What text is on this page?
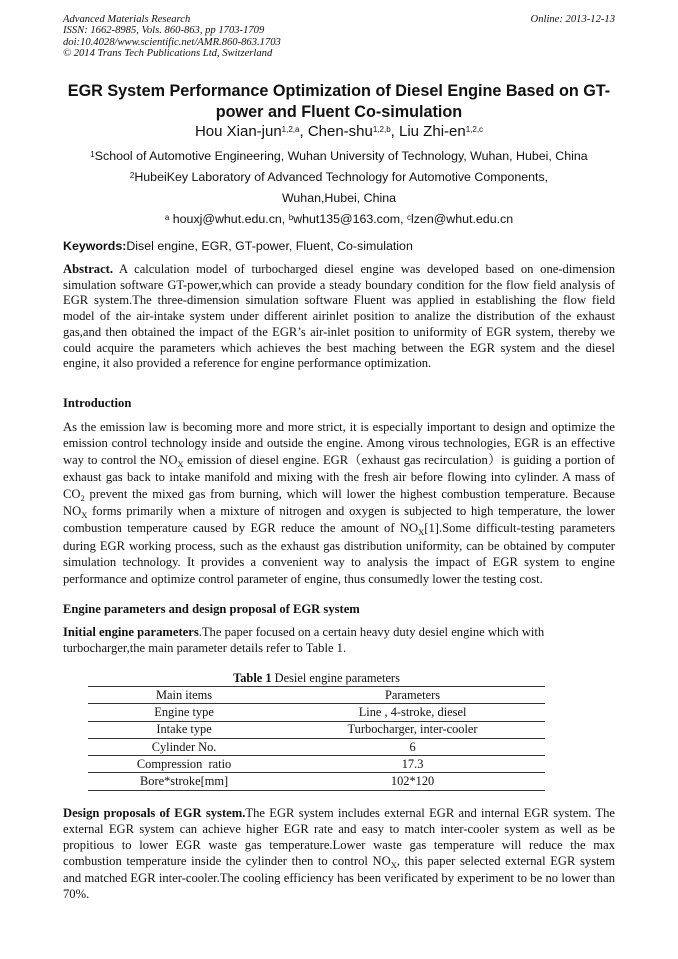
Advanced Materials Research
ISSN: 1662-8985, Vols. 860-863, pp 1703-1709
doi:10.4028/www.scientific.net/AMR.860-863.1703
© 2014 Trans Tech Publications Ltd, Switzerland
Online: 2013-12-13
EGR System Performance Optimization of Diesel Engine Based on GT-power and Fluent Co-simulation
Hou Xian-jun$^{1,2,a}$, Chen-shu$^{1,2,b}$, Liu Zhi-en$^{1,2,c}$
$^1$School of Automotive Engineering, Wuhan University of Technology, Wuhan, Hubei, China
$^2$HubeiKey Laboratory of Advanced Technology for Automotive Components,
Wuhan,Hubei, China
$^a$ houxj@whut.edu.cn, $^b$whut135@163.com, $^c$lzen@whut.edu.cn
Keywords:Disel engine, EGR, GT-power, Fluent, Co-simulation
Abstract. A calculation model of turbocharged diesel engine was developed based on one-dimension simulation software GT-power,which can provide a steady boundary condition for the flow field analysis of EGR system.The three-dimension simulation software Fluent was applied in establishing the flow field model of the air-intake system under different airinlet position to analize the distribution of the exhaust gas,and then obtained the impact of the EGR’s air-inlet position to uniformity of EGR system, thereby we could acquire the parameters which achieves the best maching between the EGR system and the diesel engine, it also provided a reference for engine performance optimization.
Introduction
As the emission law is becoming more and more strict, it is especially important to design and optimize the emission control technology inside and outside the engine. Among virous technologies, EGR is an effective way to control the $NO_X$ emission of diesel engine. EGR（exhaust gas recirculation）is guiding a portion of exhaust gas back to intake manifold and mixing with the fresh air before flowing into cylinder. A mass of $CO_2$ prevent the mixed gas from burning, which will lower the highest combustion temperature. Because $NO_X$ forms primarily when a mixture of nitrogen and oxygen is subjected to high temperature, the lower combustion temperature caused by EGR reduce the amount of $NO_X[1].Some$ difficult-testing parameters during EGR working process, such as the exhaust gas distribution uniformity, can be obtained by computer simulation technology. It provides a convenient way to analysis the impact of EGR system to engine performance and optimize control parameter of engine, thus consumedly lower the testing cost.
Engine parameters and design proposal of EGR system
Initial engine parameters.The paper focused on a certain heavy duty desiel engine which with turbocharger,the main parameter details refer to Table 1.
Table 1 Desiel engine parameters
Main items	Parameters
Engine type	Line , 4-stroke, diesel
Intake type	Turbocharger, inter-cooler
Cylinder No.	6
Compression  ratio	17.3
Bore*stroke[mm]	102*120
Design proposals of EGR system.The EGR system includes external EGR and internal EGR system. The external EGR system can achieve higher EGR rate and easy to match inter-cooler system as well as be propitious to lower EGR waste gas temperature.Lower waste gas temperature will reduce the max combustion temperature inside the cylinder then to control $NO_X$, this paper selected external EGR system and matched EGR inter-cooler.The cooling efficiency has been verificated by experiment to be no lower than 70%.
